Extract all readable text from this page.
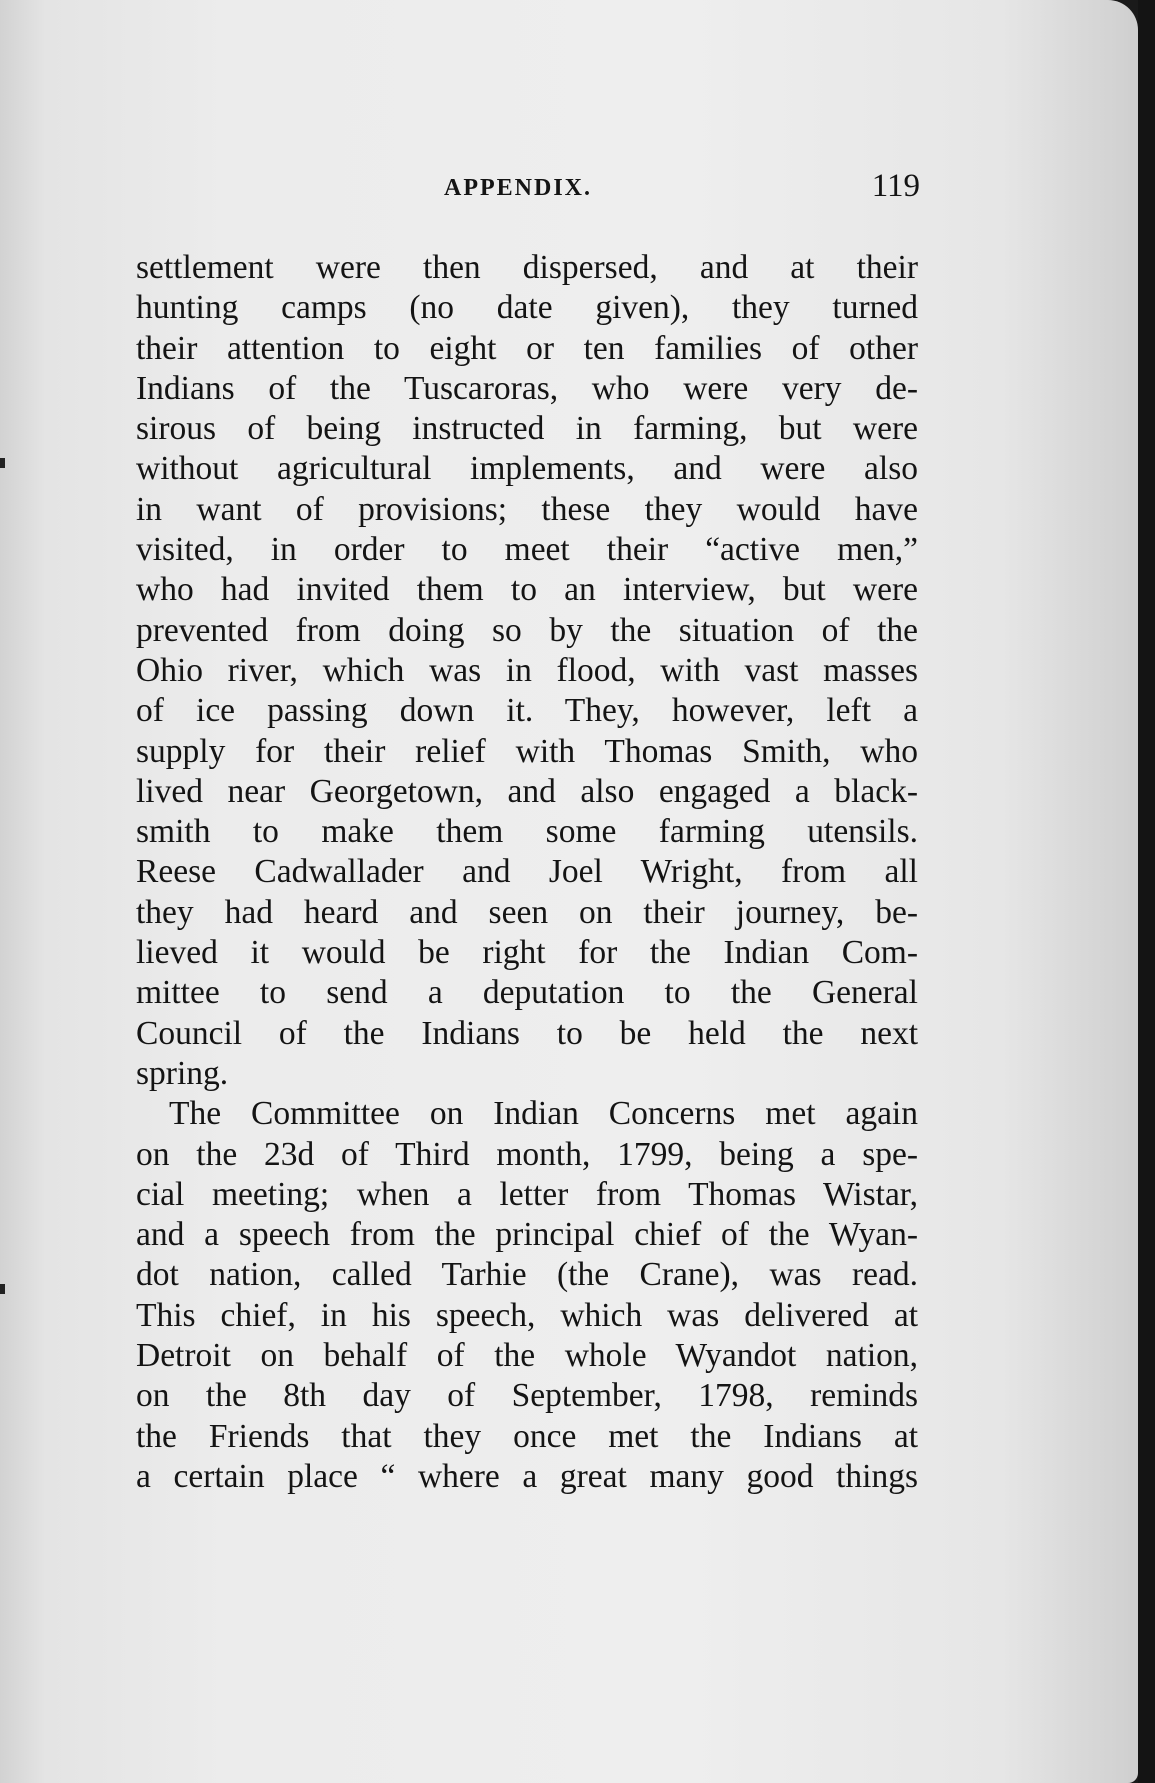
APPENDIX.	119
settlement were then dispersed, and at their
hunting camps (no date given), they turned
their attention to eight or ten families of other
Indians of the Tuscaroras, who were very de-
sirous of being instructed in farming, but were
without agricultural implements, and were also
in want of provisions; these they would have
visited, in order to meet their “active men,”
who had invited them to an interview, but were
prevented from doing so by the situation of the
Ohio river, which was in flood, with vast masses
of ice passing down it. They, however, left a
supply for their relief with Thomas Smith, who
lived near Georgetown, and also engaged a black-
smith to make them some farming utensils.
Reese Cadwallader and Joel Wright, from all
they had heard and seen on their journey, be-
lieved it would be right for the Indian Com-
mittee to send a deputation to the General
Council of the Indians to be held the next
spring.
The Committee on Indian Concerns met again
on the 23d of Third month, 1799, being a spe-
cial meeting; when a letter from Thomas Wistar,
and a speech from the principal chief of the Wyan-
dot nation, called Tarhie (the Crane), was read.
This chief, in his speech, which was delivered at
Detroit on behalf of the whole Wyandot nation,
on the 8th day of September, 1798, reminds
the Friends that they once met the Indians at
a certain place “ where a great many good things
